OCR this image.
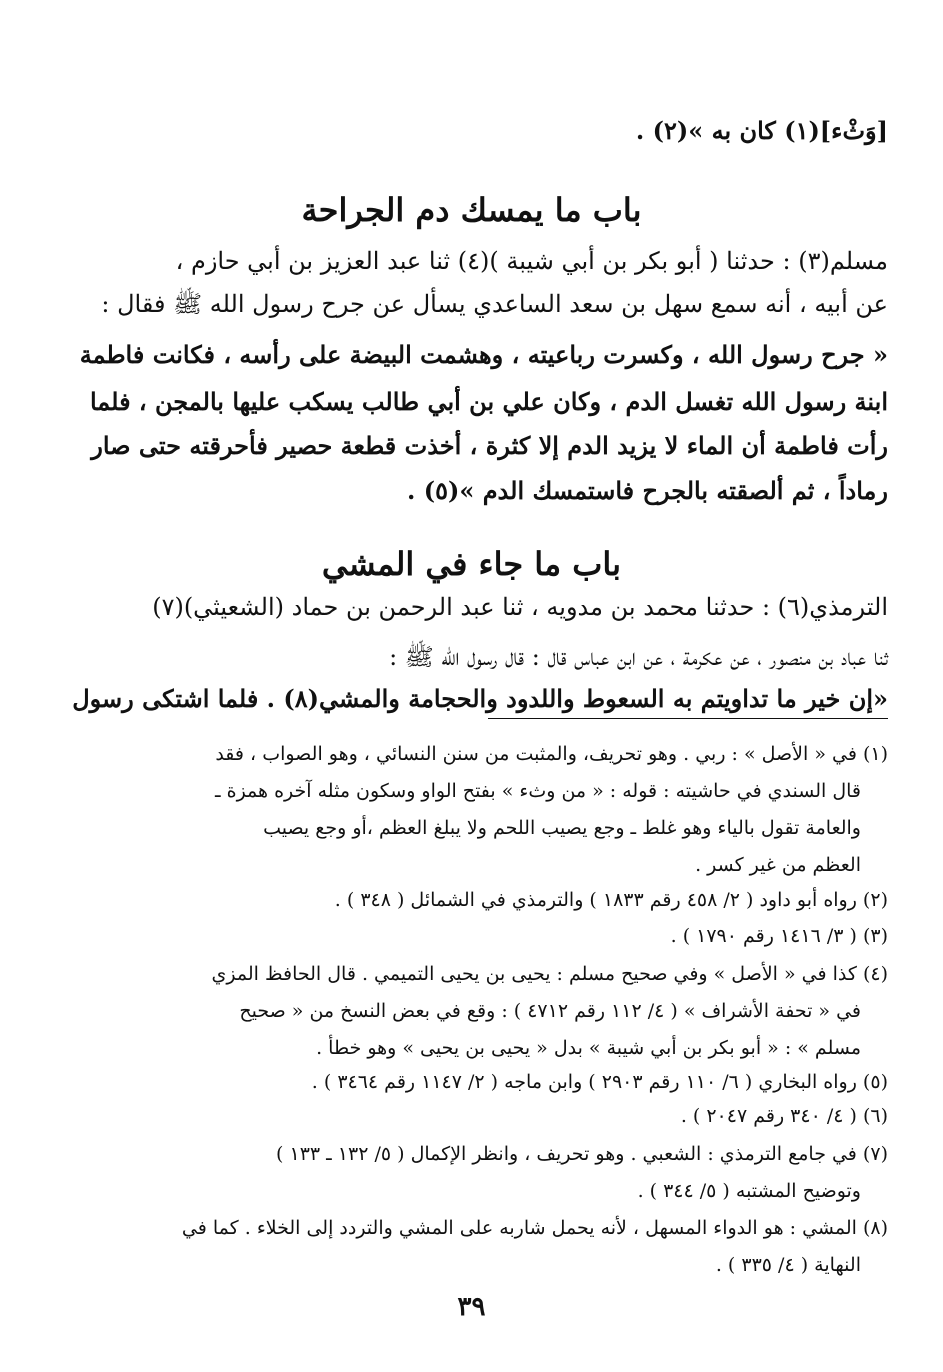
[وَثْء](١) كان به »(٢) .
باب ما يمسك دم الجراحة
مسلم(٣) : حدثنا ( أبو بكر بن أبي شيبة )(٤) ثنا عبد العزيز بن أبي حازم ،
عن أبيه ، أنه سمع سهل بن سعد الساعدي يسأل عن جرح رسول الله ﷺ فقال :
« جرح رسول الله ، وكسرت رباعيته ، وهشمت البيضة على رأسه ، فكانت فاطمة
ابنة رسول الله تغسل الدم ، وكان علي بن أبي طالب يسكب عليها بالمجن ، فلما
رأت فاطمة أن الماء لا يزيد الدم إلا كثرة ، أخذت قطعة حصير فأحرقته حتى صار
رماداً ، ثم ألصقته بالجرح فاستمسك الدم »(٥) .
باب ما جاء في المشي
الترمذي(٦) : حدثنا محمد بن مدويه ، ثنا عبد الرحمن بن حماد (الشعيثي)(٧)
ثنا عباد بن منصور ، عن عكرمة ، عن ابن عباس قال : قال رسول الله ﷺ :
«إن خير ما تداويتم به السعوط واللدود والحجامة والمشي(٨) . فلما اشتكى رسول
(١) في « الأصل » : ربي . وهو تحريف، والمثبت من سنن النسائي ، وهو الصواب ، فقد
قال السندي في حاشيته : قوله : « من وثء » بفتح الواو وسكون مثله آخره همزة ـ
والعامة تقول بالياء وهو غلط ـ وجع يصيب اللحم ولا يبلغ العظم ،أو وجع يصيب
العظم من غير كسر .
(٢) رواه أبو داود ( ٢/ ٤٥٨ رقم ١٨٣٣ ) والترمذي في الشمائل ( ٣٤٨ ) .
(٣) ( ٣/ ١٤١٦ رقم ١٧٩٠ ) .
(٤) كذا في « الأصل » وفي صحيح مسلم : يحيى بن يحيى التميمي . قال الحافظ المزي
في « تحفة الأشراف » ( ٤/ ١١٢ رقم ٤٧١٢ ) : وقع في بعض النسخ من « صحيح
مسلم » : « أبو بكر بن أبي شيبة » بدل « يحيى بن يحيى » وهو خطأ .
(٥) رواه البخاري ( ٦/ ١١٠ رقم ٢٩٠٣ ) وابن ماجه ( ٢/ ١١٤٧ رقم ٣٤٦٤ ) .
(٦) ( ٤/ ٣٤٠ رقم ٢٠٤٧ ) .
(٧) في جامع الترمذي : الشعبي . وهو تحريف ، وانظر الإكمال ( ٥/ ١٣٢ ـ ١٣٣ )
وتوضيح المشتبه ( ٥/ ٣٤٤ ) .
(٨) المشي : هو الدواء المسهل ، لأنه يحمل شاربه على المشي والتردد إلى الخلاء . كما في
النهاية ( ٤/ ٣٣٥ ) .
٣٩
